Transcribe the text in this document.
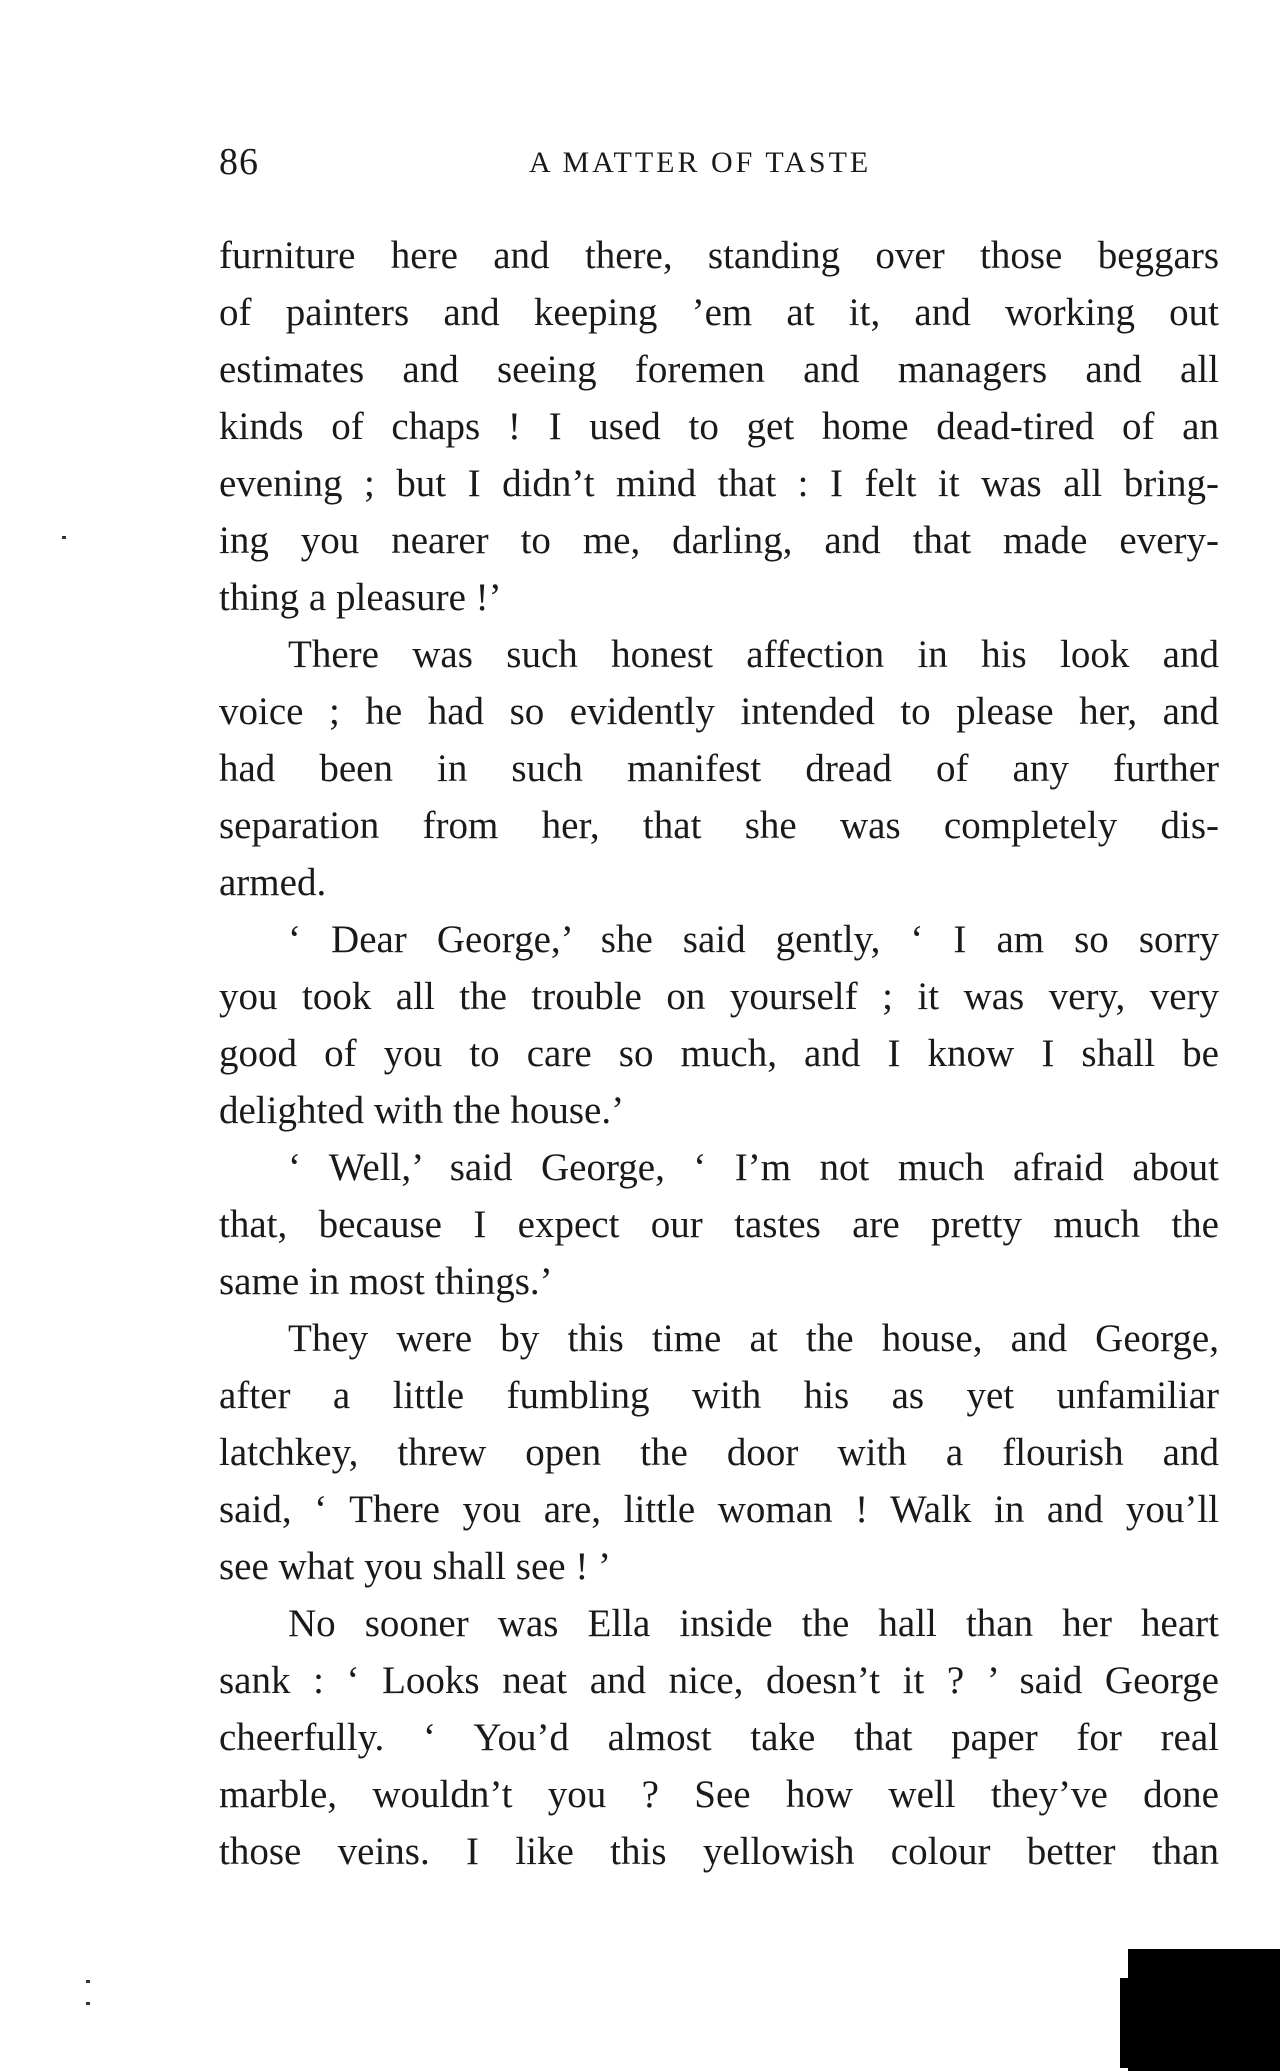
86	A MATTER OF TASTE
furniture here and there, standing over those beggars
of painters and keeping ’em at it, and working out
estimates and seeing foremen and managers and all
kinds of chaps ! I used to get home dead-tired of an
evening ; but I didn’t mind that : I felt it was all bring-
ing you nearer to me, darling, and that made every-
thing a pleasure !’
There was such honest affection in his look and
voice ; he had so evidently intended to please her, and
had been in such manifest dread of any further
separation from her, that she was completely dis-
armed.
‘ Dear George,’ she said gently, ‘ I am so sorry
you took all the trouble on yourself ; it was very, very
good of you to care so much, and I know I shall be
delighted with the house.’
‘ Well,’ said George, ‘ I’m not much afraid about
that, because I expect our tastes are pretty much the
same in most things.’
They were by this time at the house, and George,
after a little fumbling with his as yet unfamiliar
latchkey, threw open the door with a flourish and
said, ‘ There you are, little woman ! Walk in and you’ll
see what you shall see ! ’
No sooner was Ella inside the hall than her heart
sank : ‘ Looks neat and nice, doesn’t it ? ’ said George
cheerfully. ‘ You’d almost take that paper for real
marble, wouldn’t you ? See how well they’ve done
those veins. I like this yellowish colour better than
